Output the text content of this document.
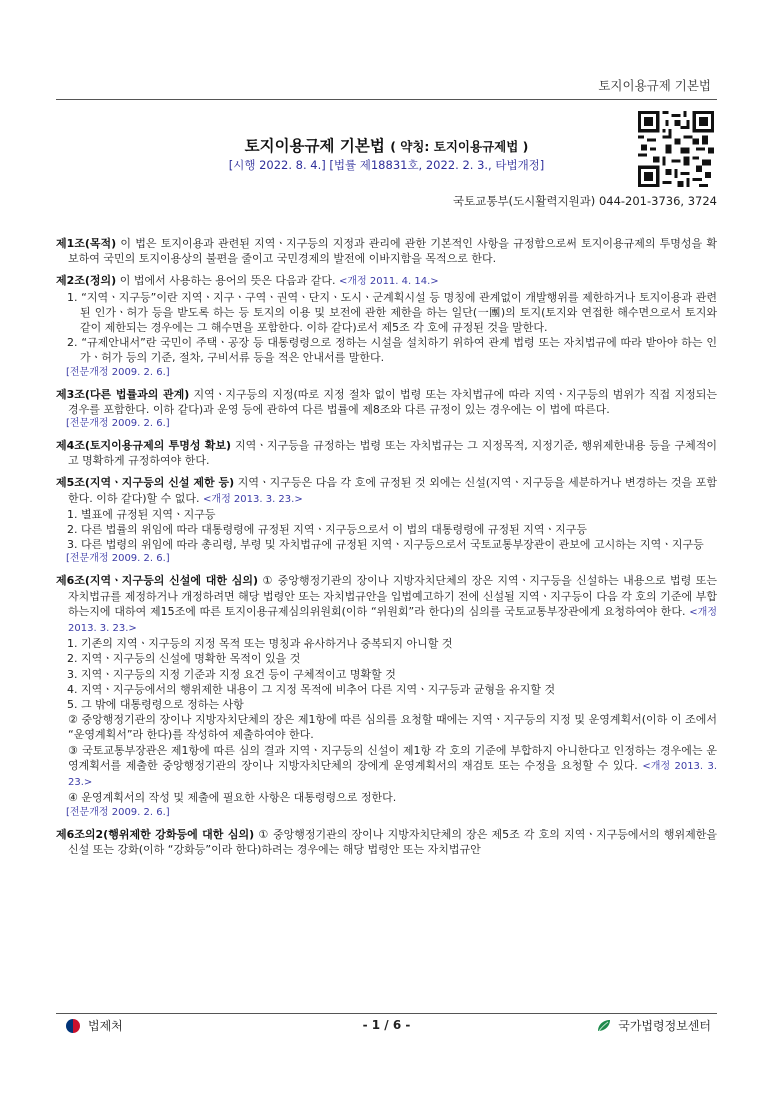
토지이용규제 기본법
토지이용규제 기본법 ( 약칭: 토지이용규제법 )
[시행 2022. 8. 4.] [법률 제18831호, 2022. 2. 3., 타법개정]
국토교통부(도시활력지원과) 044-201-3736, 3724

제1조(목적) 이 법은 토지이용과 관련된 지역ㆍ지구등의 지정과 관리에 관한 기본적인 사항을 규정함으로써 토지이용규제의 투명성을 확보하여 국민의 토지이용상의 불편을 줄이고 국민경제의 발전에 이바지함을 목적으로 한다.

제2조(정의) 이 법에서 사용하는 용어의 뜻은 다음과 같다. <개정 2011. 4. 14.>

1. “지역ㆍ지구등”이란 지역ㆍ지구ㆍ구역ㆍ권역ㆍ단지ㆍ도시ㆍ군계획시설 등 명칭에 관계없이 개발행위를 제한하거나 토지이용과 관련된 인가ㆍ허가 등을 받도록 하는 등 토지의 이용 및 보전에 관한 제한을 하는 일단(一團)의 토지(토지와 연접한 해수면으로서 토지와 같이 제한되는 경우에는 그 해수면을 포함한다. 이하 같다)로서 제5조 각 호에 규정된 것을 말한다.

2. “규제안내서”란 국민이 주택ㆍ공장 등 대통령령으로 정하는 시설을 설치하기 위하여 관계 법령 또는 자치법규에 따라 받아야 하는 인가ㆍ허가 등의 기준, 절차, 구비서류 등을 적은 안내서를 말한다.

[전문개정 2009. 2. 6.]

제3조(다른 법률과의 관계) 지역ㆍ지구등의 지정(따로 지정 절차 없이 법령 또는 자치법규에 따라 지역ㆍ지구등의 범위가 직접 지정되는 경우를 포함한다. 이하 같다)과 운영 등에 관하여 다른 법률에 제8조와 다른 규정이 있는 경우에는 이 법에 따른다.

[전문개정 2009. 2. 6.]

제4조(토지이용규제의 투명성 확보) 지역ㆍ지구등을 규정하는 법령 또는 자치법규는 그 지정목적, 지정기준, 행위제한내용 등을 구체적이고 명확하게 규정하여야 한다.

제5조(지역ㆍ지구등의 신설 제한 등) 지역ㆍ지구등은 다음 각 호에 규정된 것 외에는 신설(지역ㆍ지구등을 세분하거나 변경하는 것을 포함한다. 이하 같다)할 수 없다. <개정 2013. 3. 23.>

1. 별표에 규정된 지역ㆍ지구등

2. 다른 법률의 위임에 따라 대통령령에 규정된 지역ㆍ지구등으로서 이 법의 대통령령에 규정된 지역ㆍ지구등

3. 다른 법령의 위임에 따라 총리령, 부령 및 자치법규에 규정된 지역ㆍ지구등으로서 국토교통부장관이 관보에 고시하는 지역ㆍ지구등

[전문개정 2009. 2. 6.]

제6조(지역ㆍ지구등의 신설에 대한 심의) ① 중앙행정기관의 장이나 지방자치단체의 장은 지역ㆍ지구등을 신설하는 내용으로 법령 또는 자치법규를 제정하거나 개정하려면 해당 법령안 또는 자치법규안을 입법예고하기 전에 신설될 지역ㆍ지구등이 다음 각 호의 기준에 부합하는지에 대하여 제15조에 따른 토지이용규제심의위원회(이하 “위원회”라 한다)의 심의를 국토교통부장관에게 요청하여야 한다. <개정 2013. 3. 23.>

1. 기존의 지역ㆍ지구등의 지정 목적 또는 명칭과 유사하거나 중복되지 아니할 것

2. 지역ㆍ지구등의 신설에 명확한 목적이 있을 것

3. 지역ㆍ지구등의 지정 기준과 지정 요건 등이 구체적이고 명확할 것

4. 지역ㆍ지구등에서의 행위제한 내용이 그 지정 목적에 비추어 다른 지역ㆍ지구등과 균형을 유지할 것

5. 그 밖에 대통령령으로 정하는 사항

② 중앙행정기관의 장이나 지방자치단체의 장은 제1항에 따른 심의를 요청할 때에는 지역ㆍ지구등의 지정 및 운영계획서(이하 이 조에서 “운영계획서”라 한다)를 작성하여 제출하여야 한다.

③ 국토교통부장관은 제1항에 따른 심의 결과 지역ㆍ지구등의 신설이 제1항 각 호의 기준에 부합하지 아니한다고 인정하는 경우에는 운영계획서를 제출한 중앙행정기관의 장이나 지방자치단체의 장에게 운영계획서의 재검토 또는 수정을 요청할 수 있다. <개정 2013. 3. 23.>

④ 운영계획서의 작성 및 제출에 필요한 사항은 대통령령으로 정한다.

[전문개정 2009. 2. 6.]

제6조의2(행위제한 강화등에 대한 심의) ① 중앙행정기관의 장이나 지방자치단체의 장은 제5조 각 호의 지역ㆍ지구등에서의 행위제한을 신설 또는 강화(이하 “강화등”이라 한다)하려는 경우에는 해당 법령안 또는 자치법규안

법제처	- 1 / 6 -	국가법령정보센터
